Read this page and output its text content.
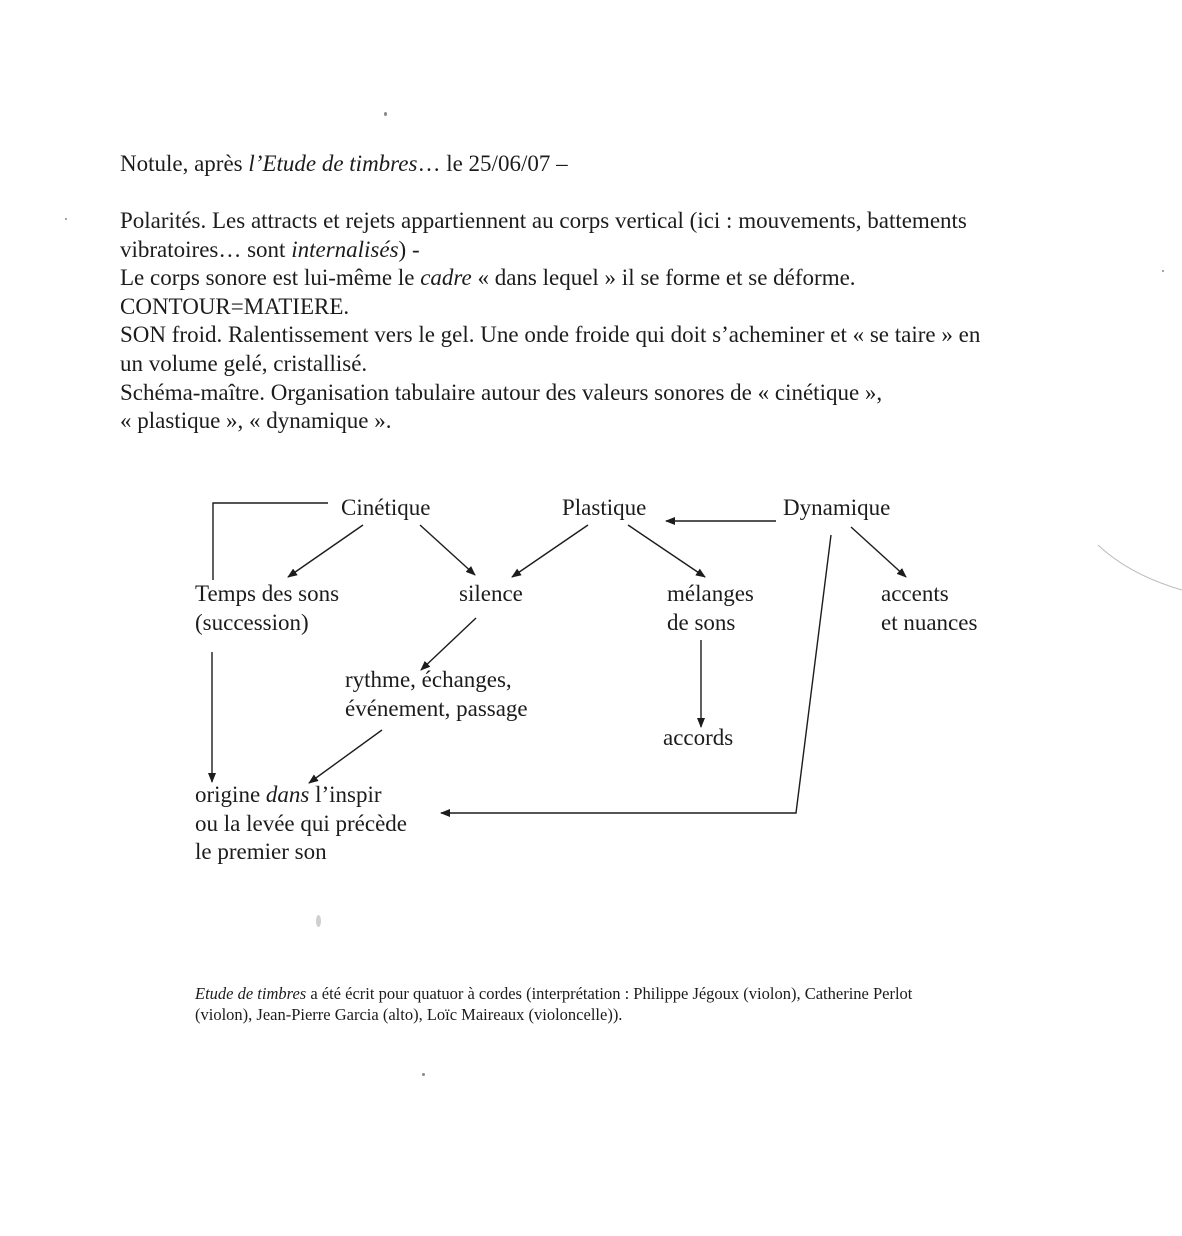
Notule, après l’Etude de timbres… le 25/06/07 –
Polarités. Les attracts et rejets appartiennent au corps vertical (ici : mouvements, battements
vibratoires… sont internalisés) -
Le corps sonore est lui-même le cadre « dans lequel » il se forme et se déforme.
CONTOUR=MATIERE.
SON froid. Ralentissement vers le gel. Une onde froide qui doit s’acheminer et « se taire » en
un volume gelé, cristallisé.
Schéma-maître. Organisation tabulaire autour des valeurs sonores de « cinétique »,
« plastique », « dynamique ».
Cinétique	Plastique	Dynamique
Temps des sons
(succession)
silence	mélanges
de sons
accents
et nuances
rythme, échanges,
événement, passage
accords
origine dans l’inspir
ou la levée qui précède
le premier son
Etude de timbres a été écrit pour quatuor à cordes (interprétation : Philippe Jégoux (violon), Catherine Perlot
(violon), Jean-Pierre Garcia (alto), Loïc Maireaux (violoncelle)).
